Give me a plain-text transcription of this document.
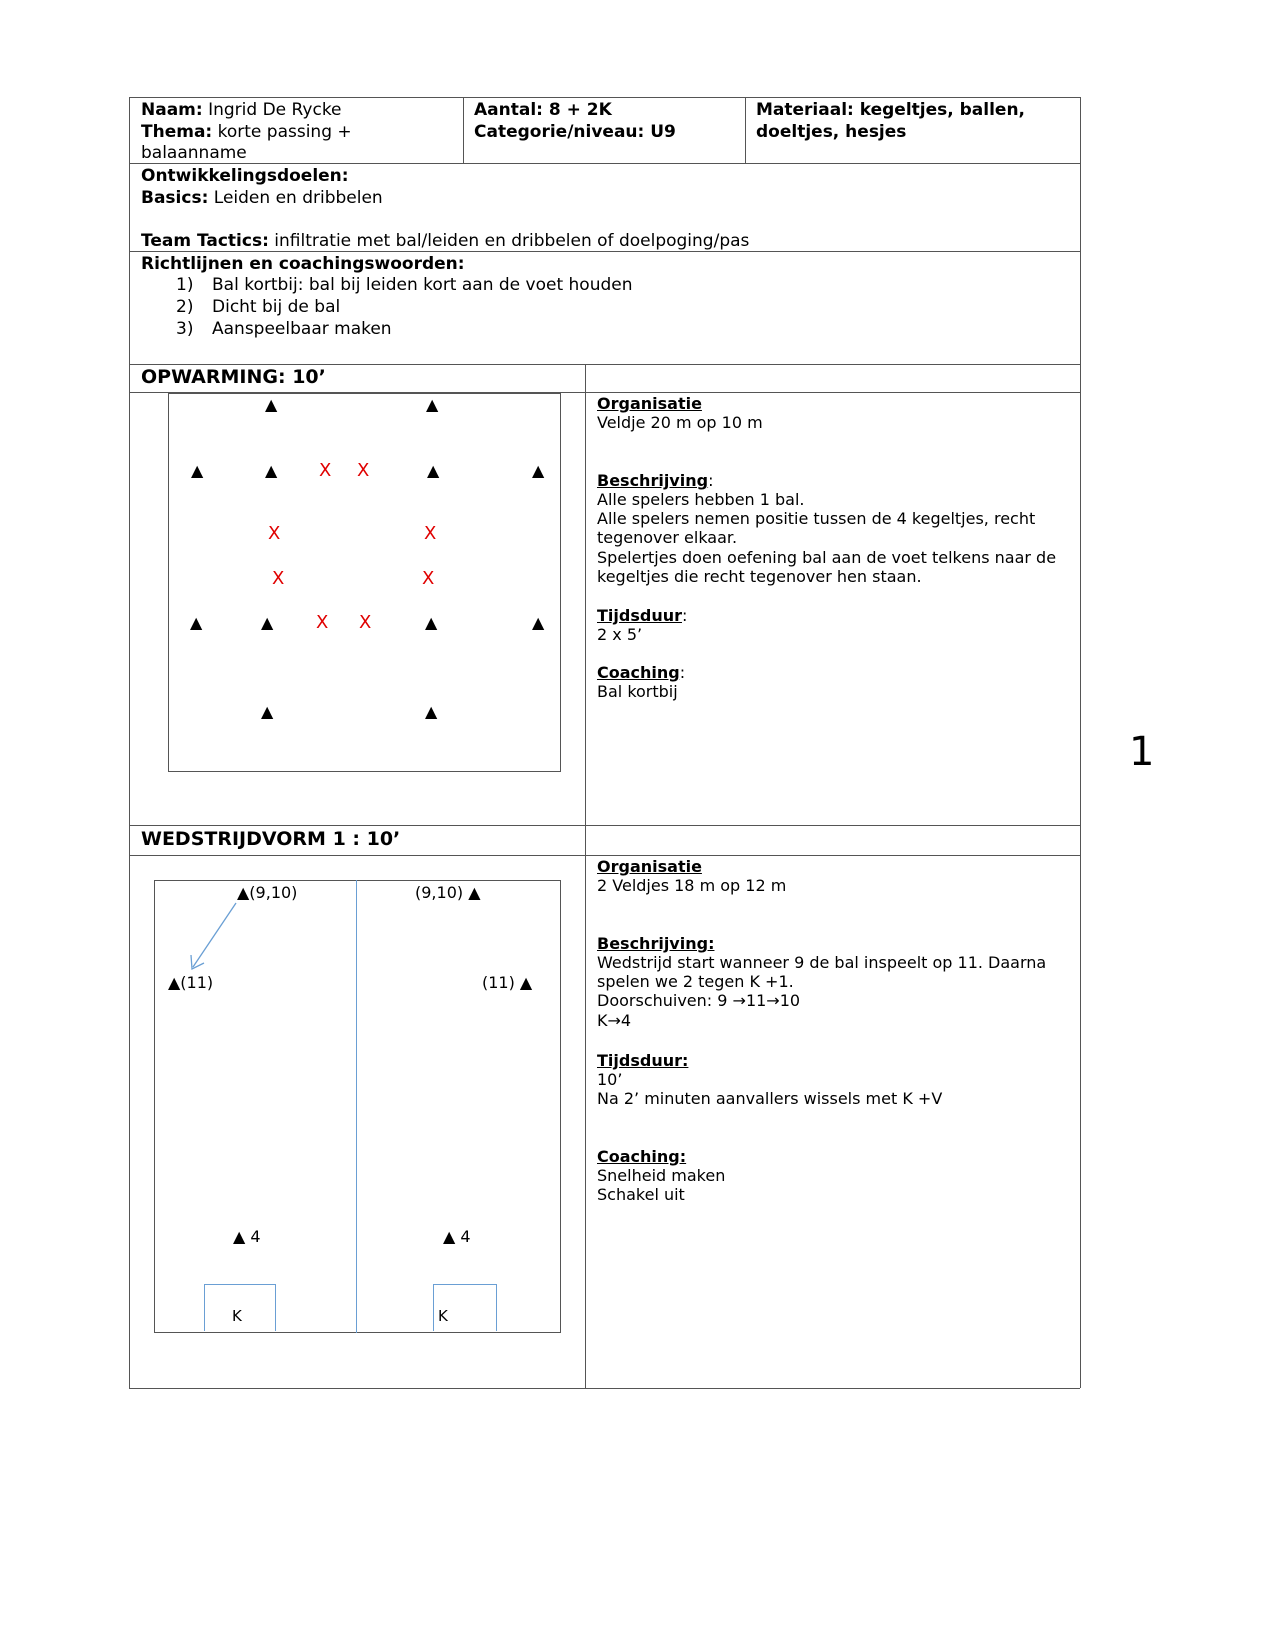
Naam: Ingrid De Rycke
Thema: korte passing +
balaanname
Aantal: 8 + 2K
Categorie/niveau: U9
Materiaal: kegeltjes, ballen,
doeltjes, hesjes
Ontwikkelingsdoelen:
Basics: Leiden en dribbelen
Team Tactics: infiltratie met bal/leiden en dribbelen of doelpoging/pas
Richtlijnen en coachingswoorden:
1) Bal kortbij: bal bij leiden kort aan de voet houden
2) Dicht bij de bal
3) Aanspeelbaar maken
OPWARMING: 10’
▲	▲
▲	▲ X X	▲	▲
X	X
X	X
▲	▲ X X	▲	▲
▲	▲
Organisatie
Veldje 20 m op 10 m
Beschrijving:
Alle spelers hebben 1 bal.
Alle spelers nemen positie tussen de 4 kegeltjes, recht
tegenover elkaar.
Spelertjes doen oefening bal aan de voet telkens naar de
kegeltjes die recht tegenover hen staan.
Tijdsduur:
2 x 5’
Coaching:
Bal kortbij
WEDSTRIJDVORM 1 : 10’
▲(9,10)	(9,10) ▲
▲(11)	(11) ▲
▲ 4	▲ 4
K	K
Organisatie
2 Veldjes 18 m op 12 m
Beschrijving:
Wedstrijd start wanneer 9 de bal inspeelt op 11. Daarna
spelen we 2 tegen K +1.
Doorschuiven: 9 →11→10
K→4
Tijdsduur:
10’
Na 2’ minuten aanvallers wissels met K +V
Coaching:
Snelheid maken
Schakel uit
1
